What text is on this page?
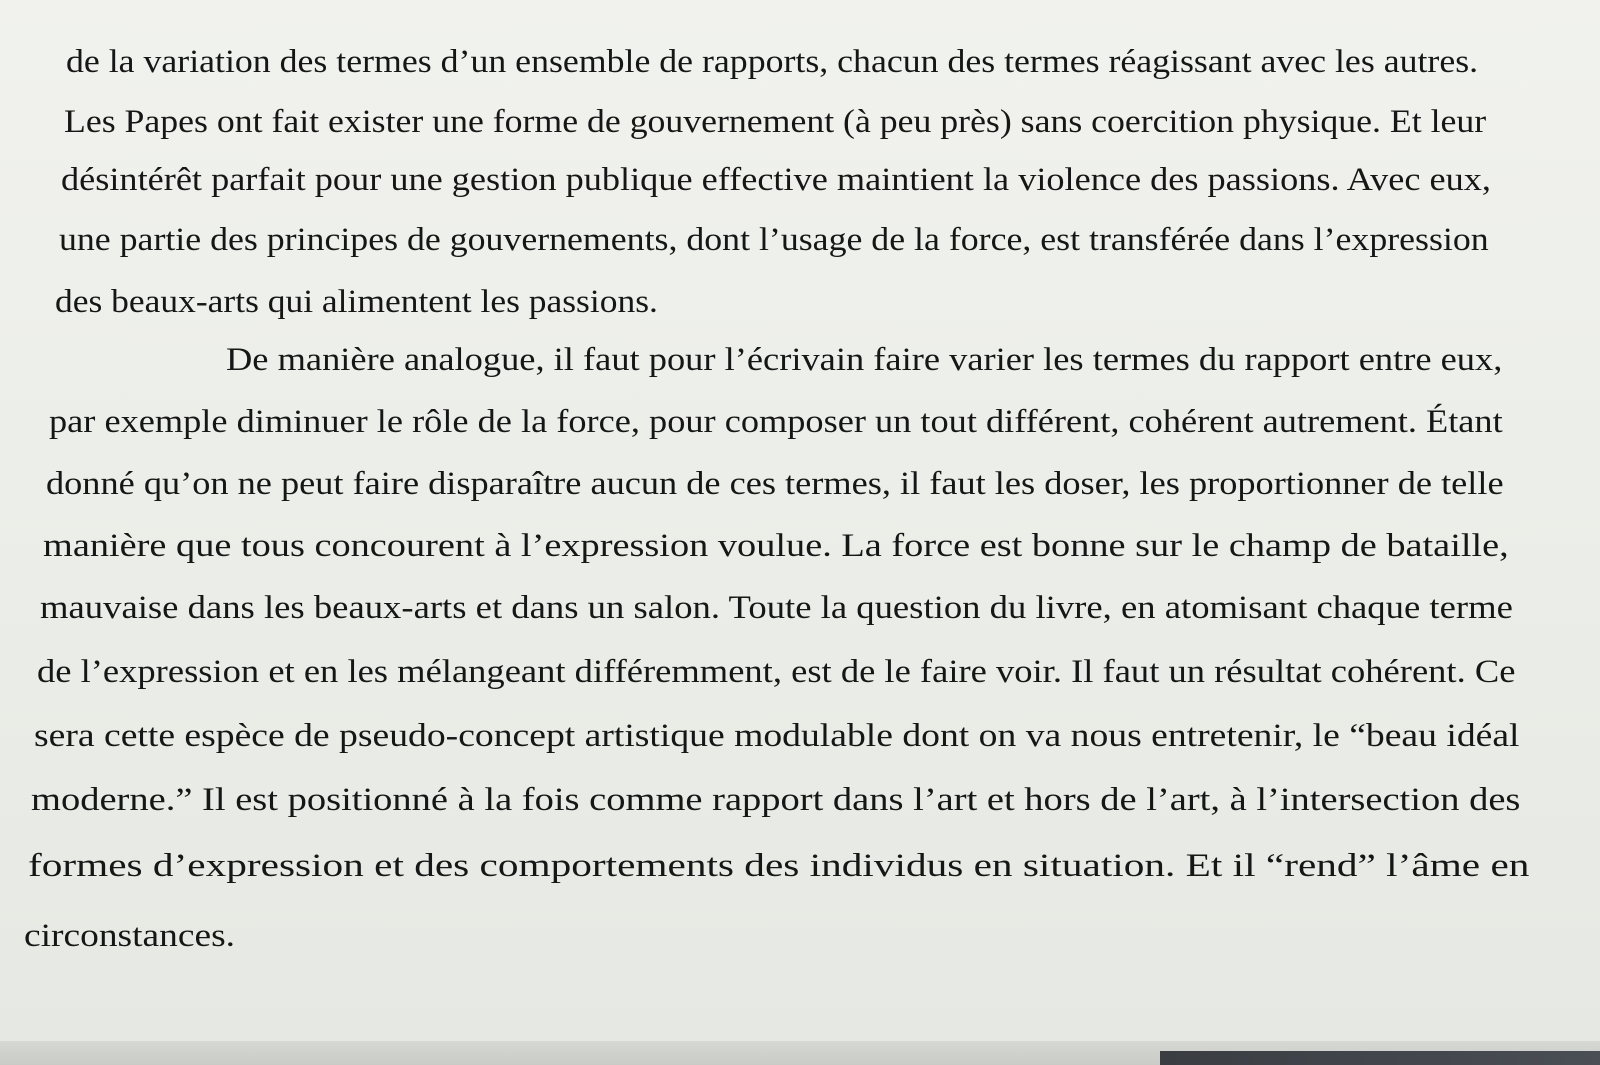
de la variation des termes d’un ensemble de rapports, chacun des termes réagissant avec les autres.
Les Papes ont fait exister une forme de gouvernement (à peu près) sans coercition physique. Et leur
désintérêt parfait pour une gestion publique effective maintient la violence des passions. Avec eux,
une partie des principes de gouvernements, dont l’usage de la force, est transférée dans l’expression
des beaux-arts qui alimentent les passions.
De manière analogue, il faut pour l’écrivain faire varier les termes du rapport entre eux,
par exemple diminuer le rôle de la force, pour composer un tout différent, cohérent autrement. Étant
donné qu’on ne peut faire disparaître aucun de ces termes, il faut les doser, les proportionner de telle
manière que tous concourent à l’expression voulue. La force est bonne sur le champ de bataille,
mauvaise dans les beaux-arts et dans un salon. Toute la question du livre, en atomisant chaque terme
de l’expression et en les mélangeant différemment, est de le faire voir. Il faut un résultat cohérent. Ce
sera cette espèce de pseudo-concept artistique modulable dont on va nous entretenir, le “beau idéal
moderne.” Il est positionné à la fois comme rapport dans l’art et hors de l’art, à l’intersection des
formes d’expression et des comportements des individus en situation. Et il “rend” l’âme en
circonstances.
